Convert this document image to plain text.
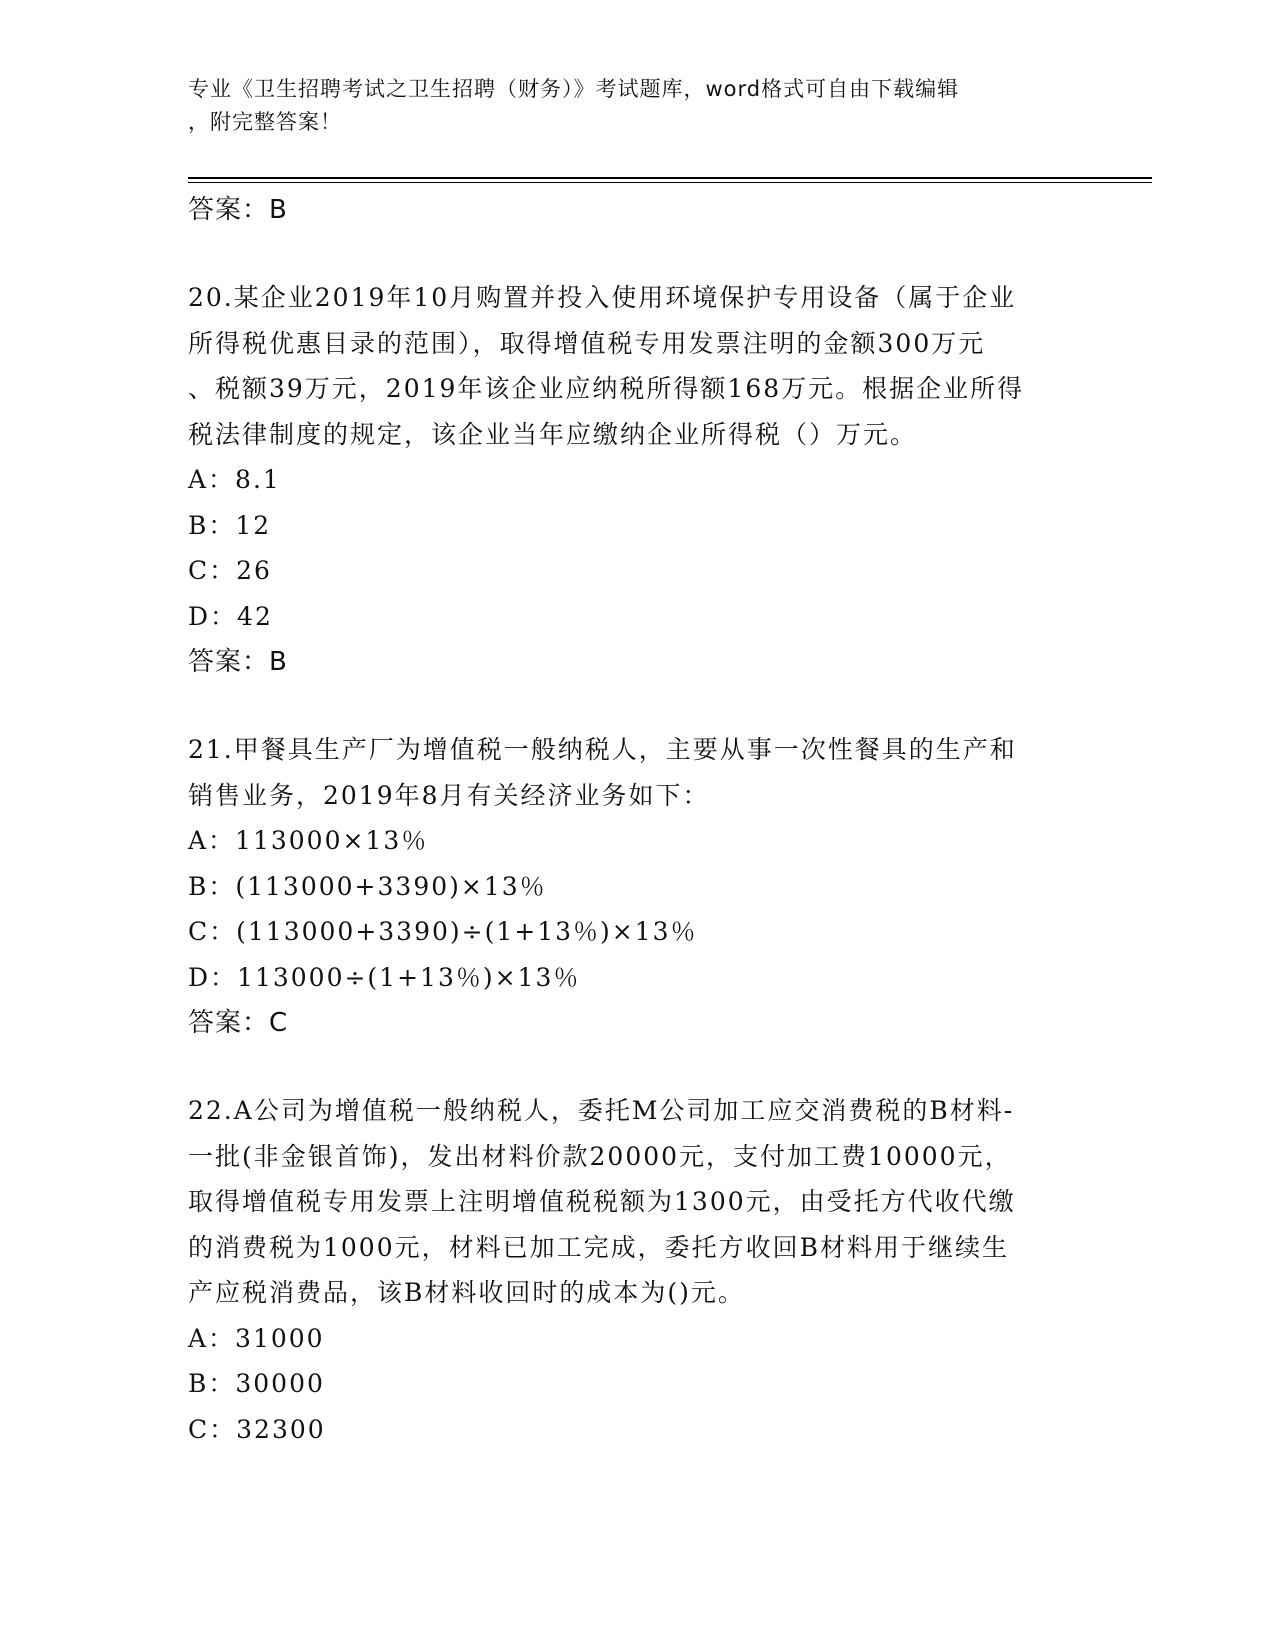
专业《卫生招聘考试之卫生招聘（财务）》考试题库，word格式可自由下载编辑

，附完整答案！

答案：B
20.某企业2019年10月购置并投入使用环境保护专用设备（属于企业
所得税优惠目录的范围），取得增值税专用发票注明的金额300万元
、税额39万元，2019年该企业应纳税所得额168万元。根据企业所得
税法律制度的规定，该企业当年应缴纳企业所得税（）万元。
A：8.1
B：12
C：26
D：42
答案：B
21.甲餐具生产厂为增值税一般纳税人，主要从事一次性餐具的生产和
销售业务，2019年8月有关经济业务如下：
A：113000×13％
B：(113000+3390)×13％
C：(113000+3390)÷(1+13％)×13％
D：113000÷(1+13％)×13％
答案：C
22.A公司为增值税一般纳税人，委托M公司加工应交消费税的B材料-
一批(非金银首饰)，发出材料价款20000元，支付加工费10000元，
取得增值税专用发票上注明增值税税额为1300元，由受托方代收代缴
的消费税为1000元，材料已加工完成，委托方收回B材料用于继续生
产应税消费品，该B材料收回时的成本为()元。
A：31000
B：30000
C：32300
